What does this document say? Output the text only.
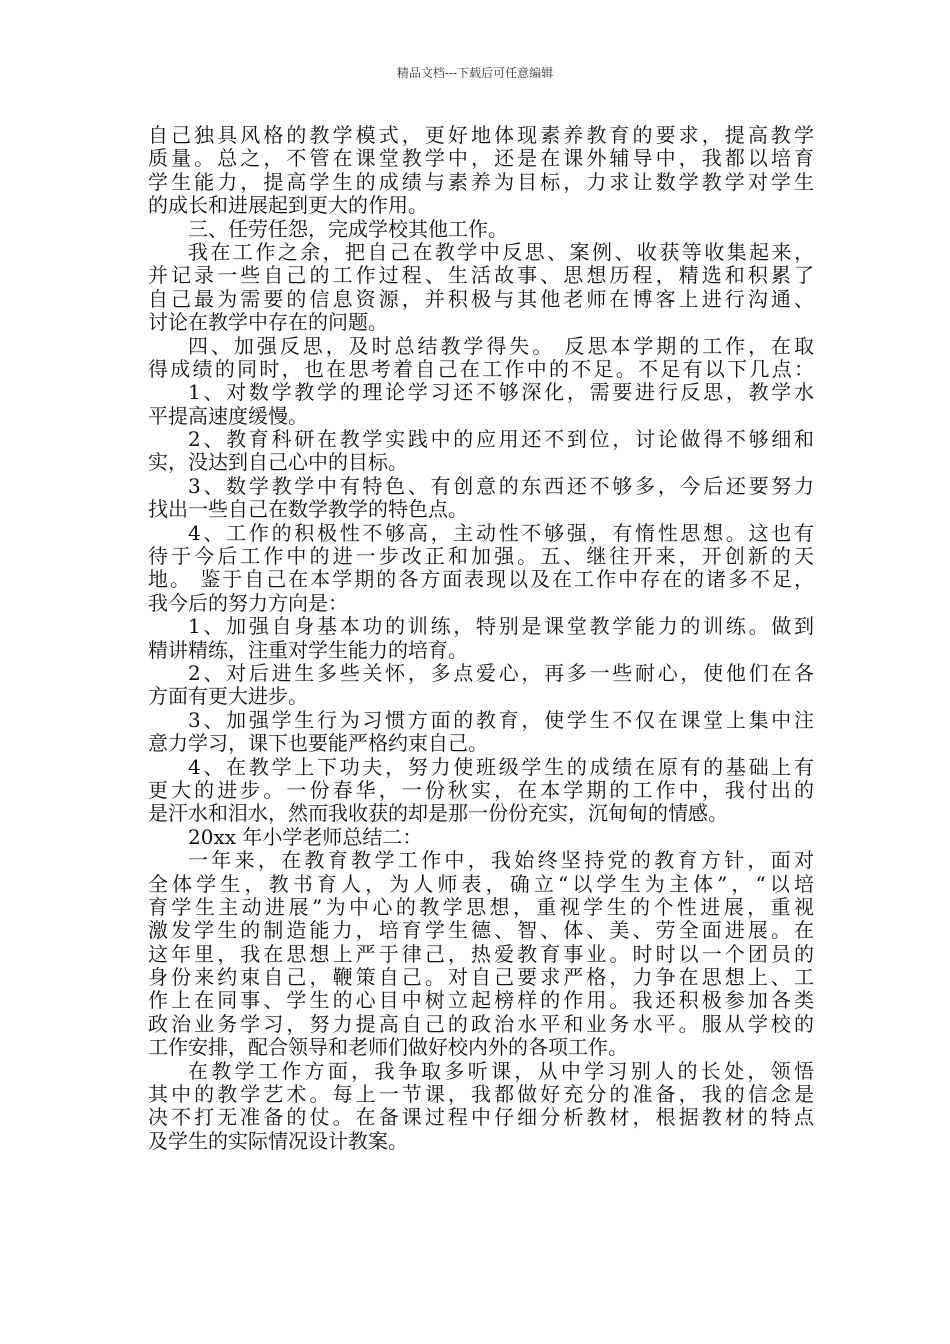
精品文档---下载后可任意编辑
自己独具风格的教学模式，更好地体现素养教育的要求，提高教学
质量。总之，不管在课堂教学中，还是在课外辅导中，我都以培育
学生能力，提高学生的成绩与素养为目标，力求让数学教学对学生
的成长和进展起到更大的作用。
三、任劳任怨，完成学校其他工作。
我在工作之余，把自己在教学中反思、案例、收获等收集起来，
并记录一些自己的工作过程、生活故事、思想历程，精选和积累了
自己最为需要的信息资源，并积极与其他老师在博客上进行沟通、
讨论在教学中存在的问题。
四、加强反思，及时总结教学得失。 反思本学期的工作，在取
得成绩的同时，也在思考着自己在工作中的不足。不足有以下几点：
1、对数学教学的理论学习还不够深化，需要进行反思，教学水
平提高速度缓慢。
2、教育科研在教学实践中的应用还不到位，讨论做得不够细和
实，没达到自己心中的目标。
3、数学教学中有特色、有创意的东西还不够多，今后还要努力
找出一些自己在数学教学的特色点。
4、工作的积极性不够高，主动性不够强，有惰性思想。这也有
待于今后工作中的进一步改正和加强。五、继往开来，开创新的天
地。 鉴于自己在本学期的各方面表现以及在工作中存在的诸多不足，
我今后的努力方向是：
1、加强自身基本功的训练，特别是课堂教学能力的训练。做到
精讲精练，注重对学生能力的培育。
2、对后进生多些关怀，多点爱心，再多一些耐心，使他们在各
方面有更大进步。
3、加强学生行为习惯方面的教育，使学生不仅在课堂上集中注
意力学习，课下也要能严格约束自己。
4、在教学上下功夫，努力使班级学生的成绩在原有的基础上有
更大的进步。一份春华，一份秋实，在本学期的工作中，我付出的
是汗水和泪水，然而我收获的却是那一份份充实，沉甸甸的情感。
20xx 年小学老师总结二：
一年来，在教育教学工作中，我始终坚持党的教育方针，面对
全体学生，教书育人，为人师表，确立“以学生为主体”，“以培
育学生主动进展”为中心的教学思想，重视学生的个性进展，重视
激发学生的制造能力，培育学生德、智、体、美、劳全面进展。在
这年里，我在思想上严于律己，热爱教育事业。时时以一个团员的
身份来约束自己，鞭策自己。对自己要求严格，力争在思想上、工
作上在同事、学生的心目中树立起榜样的作用。我还积极参加各类
政治业务学习，努力提高自己的政治水平和业务水平。服从学校的
工作安排，配合领导和老师们做好校内外的各项工作。
在教学工作方面，我争取多听课，从中学习别人的长处，领悟
其中的教学艺术。每上一节课，我都做好充分的准备，我的信念是
决不打无准备的仗。在备课过程中仔细分析教材，根据教材的特点
及学生的实际情况设计教案。
